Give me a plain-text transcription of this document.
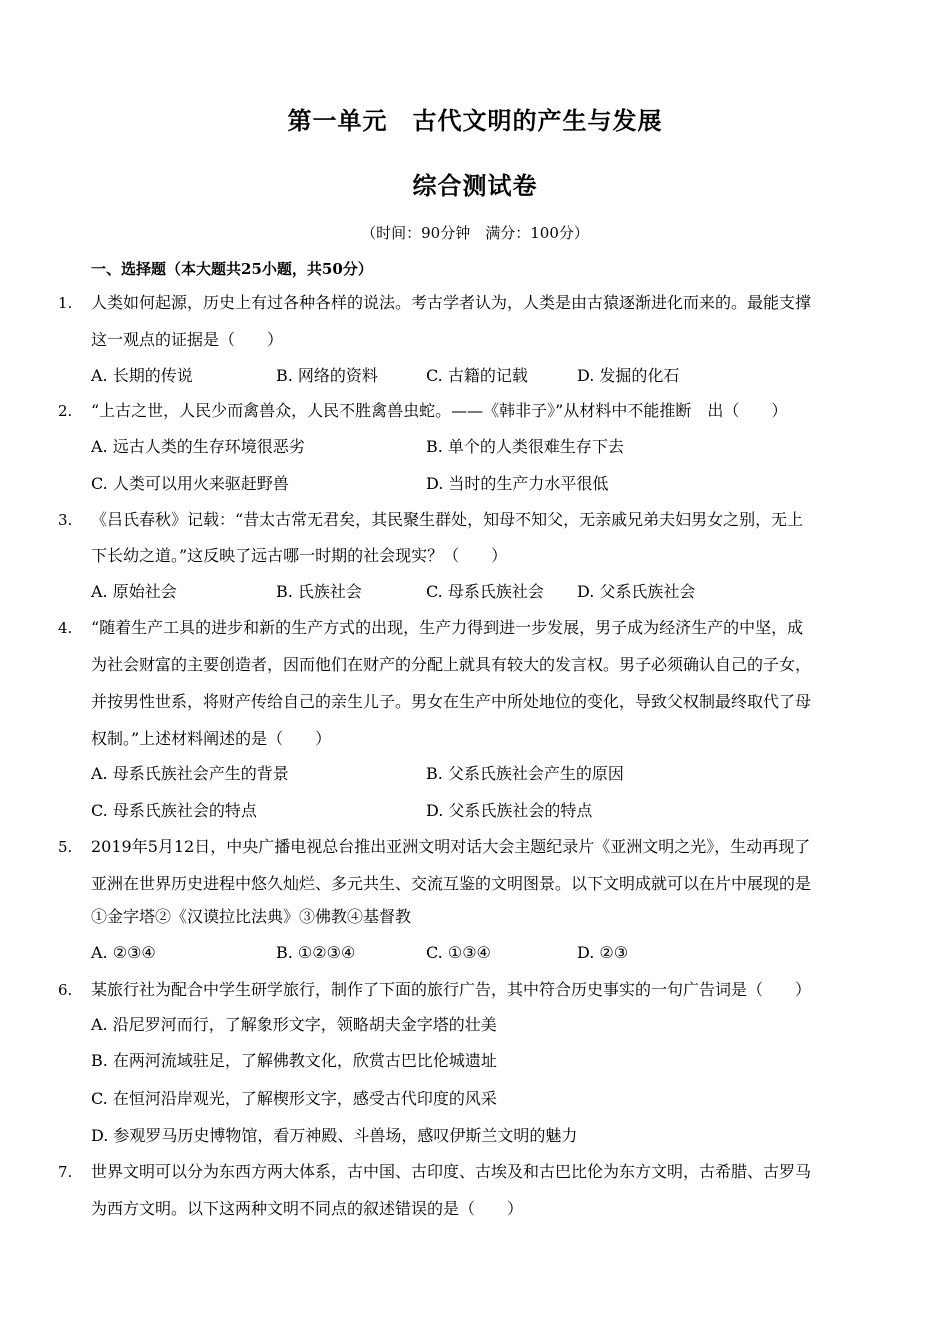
第一单元　古代文明的产生与发展
综合测试卷
（时间：90分钟　满分：100分）
一、选择题（本大题共25小题，共50分）
1. 人类如何起源，历史上有过各种各样的说法。考古学者认为，人类是由古猿逐渐进化而来的。最能支撑
这一观点的证据是（　　）
A. 长期的传说	B. 网络的资料	C. 古籍的记载	D. 发掘的化石
2. “上古之世，人民少而禽兽众，人民不胜禽兽虫蛇。——《韩非子》”从材料中不能推断　出（　　）
A. 远古人类的生存环境很恶劣	B. 单个的人类很难生存下去
C. 人类可以用火来驱赶野兽	D. 当时的生产力水平很低
3. 《吕氏春秋》记载：“昔太古常无君矣，其民聚生群处，知母不知父，无亲戚兄弟夫妇男女之别，无上
下长幼之道。”这反映了远古哪一时期的社会现实？（　　）
A. 原始社会	B. 氏族社会	C. 母系氏族社会 D. 父系氏族社会
4. “随着生产工具的进步和新的生产方式的出现，生产力得到进一步发展，男子成为经济生产的中坚，成
为社会财富的主要创造者，因而他们在财产的分配上就具有较大的发言权。男子必须确认自己的子女，
并按男性世系，将财产传给自己的亲生儿子。男女在生产中所处地位的变化，导致父权制最终取代了母
权制。”上述材料阐述的是（　　）
A. 母系氏族社会产生的背景	B. 父系氏族社会产生的原因
C. 母系氏族社会的特点	D. 父系氏族社会的特点
5. 2019年5月12日，中央广播电视总台推出亚洲文明对话大会主题纪录片《亚洲文明之光》，生动再现了
亚洲在世界历史进程中悠久灿烂、多元共生、交流互鉴的文明图景。以下文明成就可以在片中展现的是
①金字塔②《汉谟拉比法典》③佛教④基督教
A. ②③④	B. ①②③④	C. ①③④	D. ②③
6. 某旅行社为配合中学生研学旅行，制作了下面的旅行广告，其中符合历史事实的一句广告词是（　　）
A. 沿尼罗河而行，了解象形文字，领略胡夫金字塔的壮美
B. 在两河流域驻足，了解佛教文化，欣赏古巴比伦城遗址
C. 在恒河沿岸观光，了解楔形文字，感受古代印度的风采
D. 参观罗马历史博物馆，看万神殿、斗兽场，感叹伊斯兰文明的魅力
7. 世界文明可以分为东西方两大体系，古中国、古印度、古埃及和古巴比伦为东方文明，古希腊、古罗马
为西方文明。以下这两种文明不同点的叙述错误的是（　　）
